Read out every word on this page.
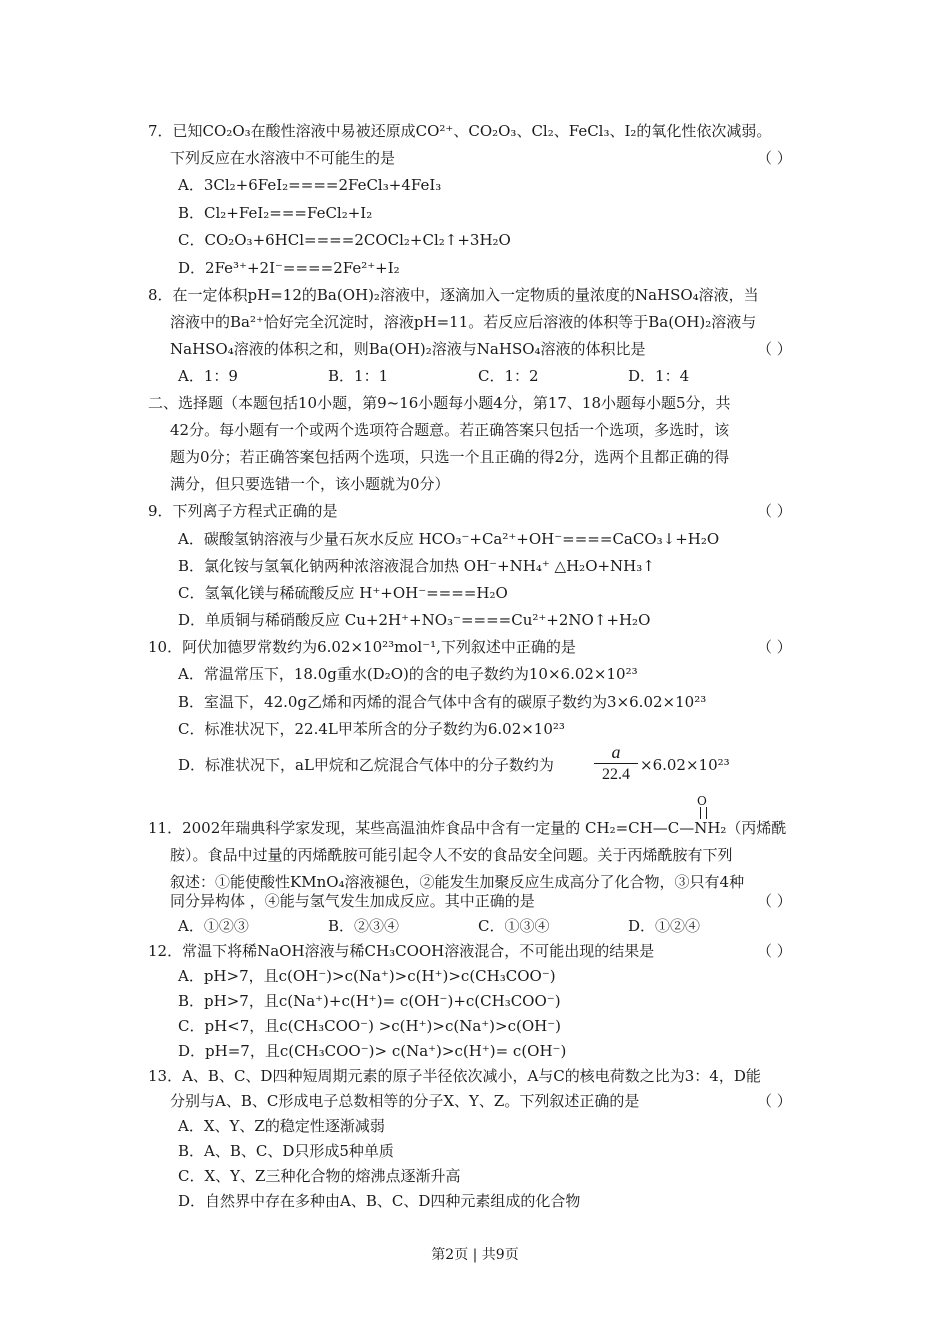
7．已知CO₂O₃在酸性溶液中易被还原成CO²⁺、CO₂O₃、Cl₂、FeCl₃、I₂的氧化性依次减弱。
下列反应在水溶液中不可能生的是	（ ）
A．3Cl₂+6FeI₂====2FeCl₃+4FeI₃
B．Cl₂+FeI₂===FeCl₂+I₂
C．CO₂O₃+6HCl====2COCl₂+Cl₂↑+3H₂O
D．2Fe³⁺+2I⁻====2Fe²⁺+I₂
8．在一定体积pH=12的Ba(OH)₂溶液中，逐滴加入一定物质的量浓度的NaHSO₄溶液，当
溶液中的Ba²⁺恰好完全沉淀时，溶液pH=11。若反应后溶液的体积等于Ba(OH)₂溶液与
NaHSO₄溶液的体积之和，则Ba(OH)₂溶液与NaHSO₄溶液的体积比是	（ ）
A．1：9	B．1：1	C．1：2	D．1：4
二、选择题（本题包括10小题，第9~16小题每小题4分，第17、18小题每小题5分，共
42分。每小题有一个或两个选项符合题意。若正确答案只包括一个选项，多选时，该
题为0分；若正确答案包括两个选项，只选一个且正确的得2分，选两个且都正确的得
满分，但只要选错一个，该小题就为0分）
9．下列离子方程式正确的是	（ ）
A．碳酸氢钠溶液与少量石灰水反应 HCO₃⁻+Ca²⁺+OH⁻====CaCO₃↓+H₂O
B．氯化铵与氢氧化钠两种浓溶液混合加热 OH⁻+NH₄⁺ △H₂O+NH₃↑
C．氢氧化镁与稀硫酸反应 H⁺+OH⁻====H₂O
D．单质铜与稀硝酸反应 Cu+2H⁺+NO₃⁻====Cu²⁺+2NO↑+H₂O
10．阿伏加德罗常数约为6.02×10²³mol⁻¹,下列叙述中正确的是	（ ）
A．常温常压下，18.0g重水(D₂O)的含的电子数约为10×6.02×10²³
B．室温下，42.0g乙烯和丙烯的混合气体中含有的碳原子数约为3×6.02×10²³
C．标准状况下，22.4L甲苯所含的分子数约为6.02×10²³
D．标准状况下，aL甲烷和乙烷混合气体中的分子数约为
a
22.4
×6.02×10²³
O
11．2002年瑞典科学家发现，某些高温油炸食品中含有一定量的 CH₂=CH—C—NH₂（丙烯酰
胺）。食品中过量的丙烯酰胺可能引起令人不安的食品安全问题。关于丙烯酰胺有下列
叙述：①能使酸性KMnO₄溶液褪色，②能发生加聚反应生成高分了化合物，③只有4种
同分异构体 ，④能与氢气发生加成反应。其中正确的是	（ ）
A．①②③	B．②③④	C．①③④	D．①②④
12．常温下将稀NaOH溶液与稀CH₃COOH溶液混合，不可能出现的结果是	（ ）
A．pH>7，且c(OH⁻)>c(Na⁺)>c(H⁺)>c(CH₃COO⁻)
B．pH>7，且c(Na⁺)+c(H⁺)= c(OH⁻)+c(CH₃COO⁻)
C．pH<7，且c(CH₃COO⁻) >c(H⁺)>c(Na⁺)>c(OH⁻)
D．pH=7，且c(CH₃COO⁻)> c(Na⁺)>c(H⁺)= c(OH⁻)
13．A、B、C、D四种短周期元素的原子半径依次减小，A与C的核电荷数之比为3：4，D能
分别与A、B、C形成电子总数相等的分子X、Y、Z。下列叙述正确的是	（ ）
A．X、Y、Z的稳定性逐渐减弱
B．A、B、C、D只形成5种单质
C．X、Y、Z三种化合物的熔沸点逐渐升高
D．自然界中存在多种由A、B、C、D四种元素组成的化合物
第2页 | 共9页
